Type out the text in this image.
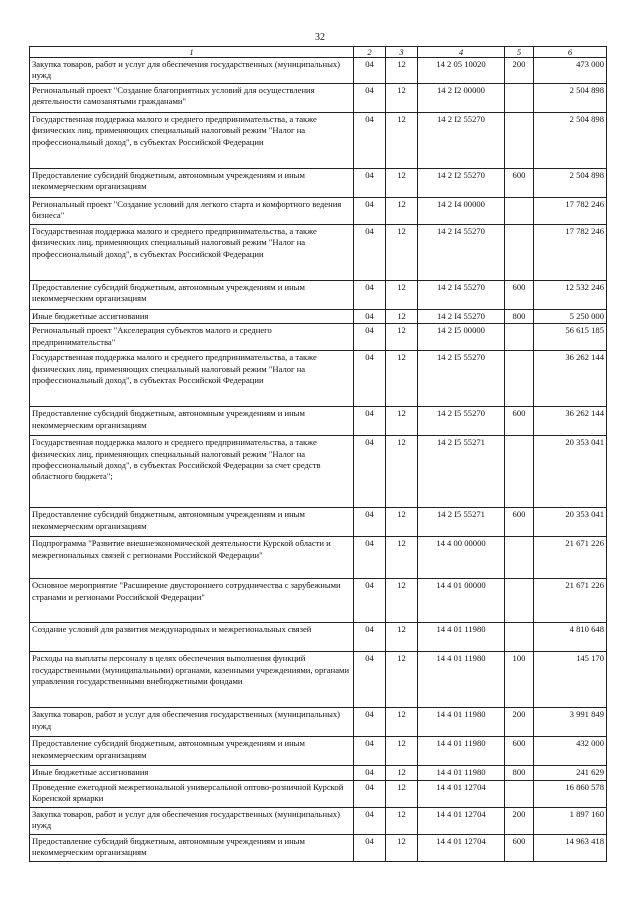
32
1	2	3	4	5	6
Закупка товаров, работ и услуг для обеспечения государственных (муниципальных) нужд	04	12	14 2 05 10020	200	473 000
Региональный проект "Создание благоприятных условий для осуществления деятельности самозанятыми гражданами"	04	12	14 2 I2 00000		2 504 898
Государственная поддержка малого и среднего предпринимательства, а также физических лиц, применяющих специальный налоговый режим "Налог на профессиональный доход", в субъектах Российской Федерации	04	12	14 2 I2 55270		2 504 898
Предоставление субсидий бюджетным, автономным учреждениям и иным некоммерческим организациям	04	12	14 2 I2 55270	600	2 504 898
Региональный проект "Создание условий для легкого старта и комфортного ведения бизнеса"	04	12	14 2 I4 00000		17 782 246
Государственная поддержка малого и среднего предпринимательства, а также физических лиц, применяющих специальный налоговый режим "Налог на профессиональный доход", в субъектах Российской Федерации	04	12	14 2 I4 55270		17 782 246
Предоставление субсидий бюджетным, автономным учреждениям и иным некоммерческим организациям	04	12	14 2 I4 55270	600	12 532 246
Иные бюджетные ассигнования	04	12	14 2 I4 55270	800	5 250 000
Региональный проект "Акселерация субъектов малого и среднего предпринимательства"	04	12	14 2 I5 00000		56 615 185
Государственная поддержка малого и среднего предпринимательства, а также физических лиц, применяющих специальный налоговый режим "Налог на профессиональный доход", в субъектах Российской Федерации	04	12	14 2 I5 55270		36 262 144
Предоставление субсидий бюджетным, автономным учреждениям и иным некоммерческим организациям	04	12	14 2 I5 55270	600	36 262 144
Государственная поддержка малого и среднего предпринимательства, а также физических лиц, применяющих специальный налоговый режим "Налог на профессиональный доход", в субъектах Российской Федерации за счет средств областного бюджета";	04	12	14 2 I5 55271		20 353 041
Предоставление субсидий бюджетным, автономным учреждениям и иным некоммерческим организациям	04	12	14 2 I5 55271	600	20 353 041
Подпрограмма "Развитие внешнеэкономической деятельности Курской области и межрегиональных связей с регионами Российской Федерации"	04	12	14 4 00 00000		21 671 226
Основное мероприятие "Расширение двустороннего сотрудничества с зарубежными странами и регионами Российской Федерации"	04	12	14 4 01 00000		21 671 226
Создание условий для развития международных и межрегиональных связей	04	12	14 4 01 11980		4 810 648
Расходы на выплаты персоналу в целях обеспечения выполнения функций государственными (муниципальными) органами, казенными учреждениями, органами управления государственными внебюджетными фондами	04	12	14 4 01 11980	100	145 170
Закупка товаров, работ и услуг для обеспечения государственных (муниципальных) нужд	04	12	14 4 01 11980	200	3 991 849
Предоставление субсидий бюджетным, автономным учреждениям и иным некоммерческим организациям	04	12	14 4 01 11980	600	432 000
Иные бюджетные ассигнования	04	12	14 4 01 11980	800	241 629
Проведение ежегодной межрегиональной универсальной оптово-розничной Курской Коренской ярмарки	04	12	14 4 01 12704		16 860 578
Закупка товаров, работ и услуг для обеспечения государственных (муниципальных) нужд	04	12	14 4 01 12704	200	1 897 160
Предоставление субсидий бюджетным, автономным учреждениям и иным некоммерческим организациям	04	12	14 4 01 12704	600	14 963 418
